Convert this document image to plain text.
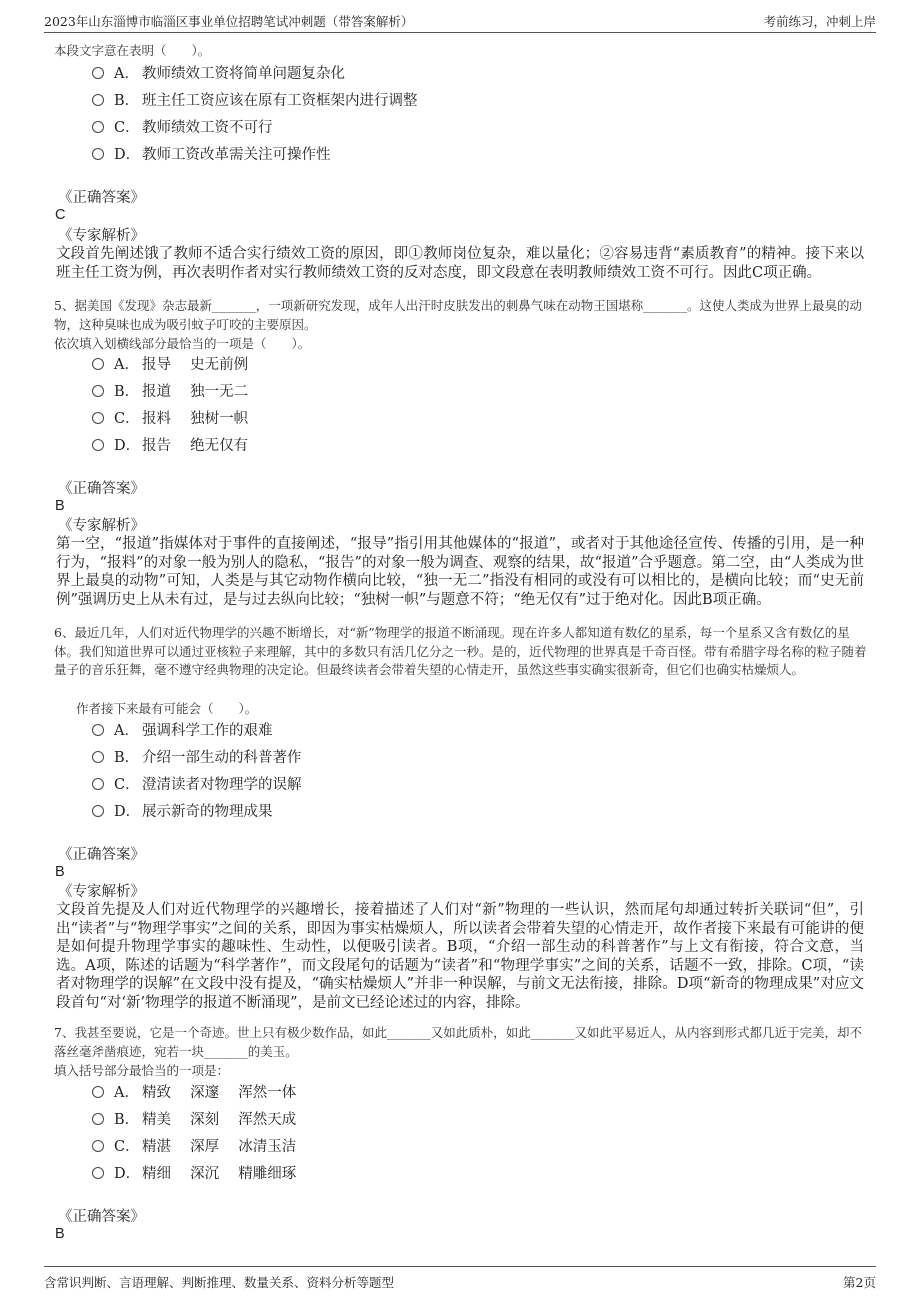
2023年山东淄博市临淄区事业单位招聘笔试冲刺题（带答案解析）	考前练习，冲刺上岸
本段文字意在表明（　　）。
A． 教师绩效工资将简单问题复杂化
B． 班主任工资应该在原有工资框架内进行调整
C． 教师绩效工资不可行
D． 教师工资改革需关注可操作性
《正确答案》
C
《专家解析》
文段首先阐述饿了教师不适合实行绩效工资的原因，即①教师岗位复杂，难以量化；②容易违背“素质教育”的精神。接下来以班主任工资为例，再次表明作者对实行教师绩效工资的反对态度，即文段意在表明教师绩效工资不可行。因此C项正确。
5、据美国《发现》杂志最新_______，一项新研究发现，成年人出汗时皮肤发出的刺鼻气味在动物王国堪称_______。这使人类成为世界上最臭的动物，这种臭味也成为吸引蚊子叮咬的主要原因。
依次填入划横线部分最恰当的一项是（　　）。
A． 报导　 史无前例
B． 报道　 独一无二
C． 报料　 独树一帜
D． 报告　 绝无仅有
《正确答案》
B
《专家解析》
第一空，“报道”指媒体对于事件的直接阐述，“报导”指引用其他媒体的“报道”，或者对于其他途径宣传、传播的引用，是一种行为，“报料”的对象一般为别人的隐私，“报告”的对象一般为调查、观察的结果，故“报道”合乎题意。第二空，由“人类成为世界上最臭的动物”可知，人类是与其它动物作横向比较，“独一无二”指没有相同的或没有可以相比的，是横向比较；而“史无前例”强调历史上从未有过，是与过去纵向比较；“独树一帜”与题意不符；“绝无仅有”过于绝对化。因此B项正确。
6、最近几年，人们对近代物理学的兴趣不断增长，对“新”物理学的报道不断涌现。现在许多人都知道有数亿的星系，每一个星系又含有数亿的星体。我们知道世界可以通过亚核粒子来理解，其中的多数只有活几亿分之一秒。是的，近代物理的世界真是千奇百怪。带有希腊字母名称的粒子随着量子的音乐狂舞，毫不遵守经典物理的决定论。但最终读者会带着失望的心情走开，虽然这些事实确实很新奇，但它们也确实枯燥烦人。
作者接下来最有可能会（　　）。
A． 强调科学工作的艰难
B． 介绍一部生动的科普著作
C． 澄清读者对物理学的误解
D． 展示新奇的物理成果
《正确答案》
B
《专家解析》
文段首先提及人们对近代物理学的兴趣增长，接着描述了人们对“新”物理的一些认识，然而尾句却通过转折关联词“但”，引出“读者”与“物理学事实”之间的关系，即因为事实枯燥烦人，所以读者会带着失望的心情走开，故作者接下来最有可能讲的便是如何提升物理学事实的趣味性、生动性，以便吸引读者。B项，“介绍一部生动的科普著作”与上文有衔接，符合文意，当选。A项，陈述的话题为“科学著作”，而文段尾句的话题为“读者”和“物理学事实”之间的关系，话题不一致，排除。C项，“读者对物理学的误解”在文段中没有提及，“确实枯燥烦人”并非一种误解，与前文无法衔接，排除。D项“新奇的物理成果”对应文段首句“对‘新’物理学的报道不断涌现”，是前文已经论述过的内容，排除。
7、我甚至要说，它是一个奇迹。世上只有极少数作品，如此_______又如此质朴，如此_______又如此平易近人，从内容到形式都几近于完美，却不落丝毫斧凿痕迹，宛若一块_______的美玉。
填入括号部分最恰当的一项是：
A． 精致　 深邃　 浑然一体
B． 精美　 深刻　 浑然天成
C． 精湛　 深厚　 冰清玉洁
D． 精细　 深沉　 精雕细琢
《正确答案》
B
含常识判断、言语理解、判断推理、数量关系、资料分析等题型	第2页
